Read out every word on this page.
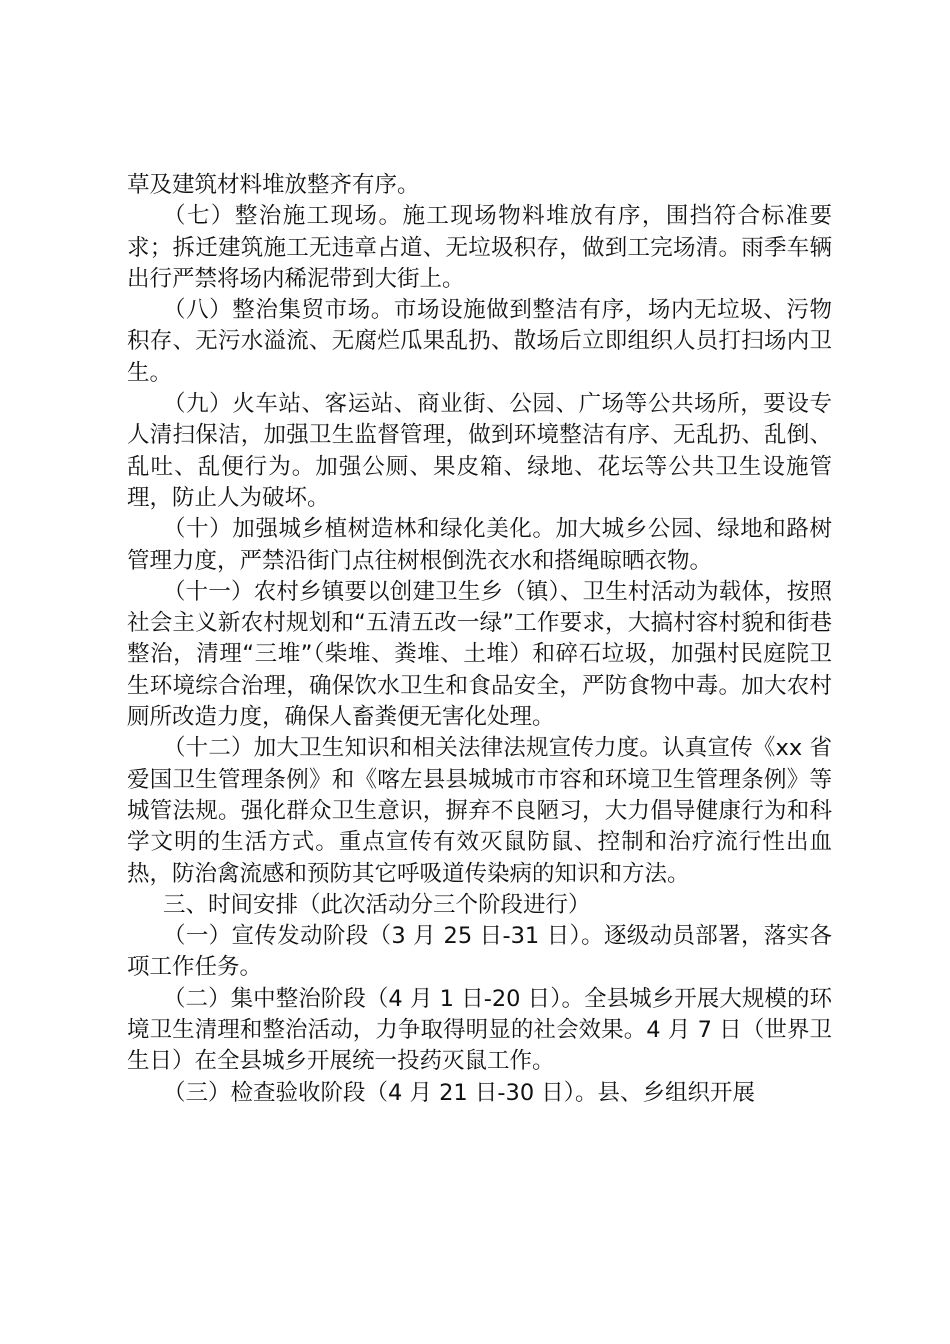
草及建筑材料堆放整齐有序。

（七）整治施工现场。施工现场物料堆放有序，围挡符合标准要求；拆迁建筑施工无违章占道、无垃圾积存，做到工完场清。雨季车辆出行严禁将场内稀泥带到大街上。

（八）整治集贸市场。市场设施做到整洁有序，场内无垃圾、污物积存、无污水溢流、无腐烂瓜果乱扔、散场后立即组织人员打扫场内卫生。

（九）火车站、客运站、商业街、公园、广场等公共场所，要设专人清扫保洁，加强卫生监督管理，做到环境整洁有序、无乱扔、乱倒、乱吐、乱便行为。加强公厕、果皮箱、绿地、花坛等公共卫生设施管理，防止人为破坏。

（十）加强城乡植树造林和绿化美化。加大城乡公园、绿地和路树管理力度，严禁沿街门点往树根倒洗衣水和搭绳晾晒衣物。

（十一）农村乡镇要以创建卫生乡（镇）、卫生村活动为载体，按照社会主义新农村规划和“五清五改一绿”工作要求，大搞村容村貌和街巷整治，清理“三堆”（柴堆、粪堆、土堆）和碎石垃圾，加强村民庭院卫生环境综合治理，确保饮水卫生和食品安全，严防食物中毒。加大农村厕所改造力度，确保人畜粪便无害化处理。

（十二）加大卫生知识和相关法律法规宣传力度。认真宣传《xx 省爱国卫生管理条例》和《喀左县县城城市市容和环境卫生管理条例》等城管法规。强化群众卫生意识，摒弃不良陋习，大力倡导健康行为和科学文明的生活方式。重点宣传有效灭鼠防鼠、控制和治疗流行性出血热，防治禽流感和预防其它呼吸道传染病的知识和方法。

三、时间安排（此次活动分三个阶段进行）

（一）宣传发动阶段（3 月 25 日-31 日）。逐级动员部署，落实各项工作任务。

（二）集中整治阶段（4 月 1 日-20 日）。全县城乡开展大规模的环境卫生清理和整治活动，力争取得明显的社会效果。4 月 7 日（世界卫生日）在全县城乡开展统一投药灭鼠工作。

（三）检查验收阶段（4 月 21 日-30 日）。县、乡组织开展
